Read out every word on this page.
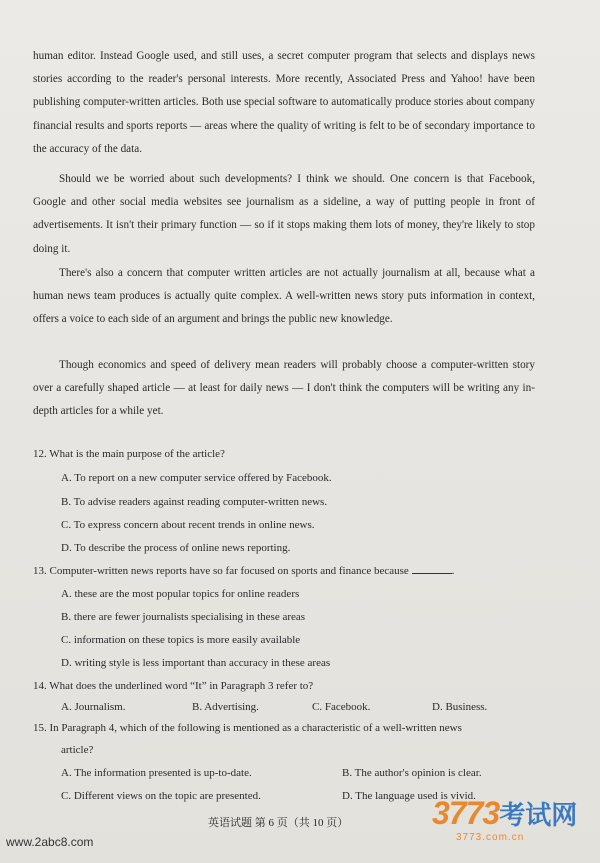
human editor. Instead Google used, and still uses, a secret computer program that selects and displays news stories according to the reader's personal interests. More recently, Associated Press and Yahoo! have been publishing computer-written articles. Both use special software to automatically produce stories about company financial results and sports reports — areas where the quality of writing is felt to be of secondary importance to the accuracy of the data.

Should we be worried about such developments? I think we should. One concern is that Facebook, Google and other social media websites see journalism as a sideline, a way of putting people in front of advertisements. It isn't their primary function — so if it stops making them lots of money, they're likely to stop doing it.

There's also a concern that computer written articles are not actually journalism at all, because what a human news team produces is actually quite complex. A well-written news story puts information in context, offers a voice to each side of an argument and brings the public new knowledge.

Though economics and speed of delivery mean readers will probably choose a computer-written story over a carefully shaped article — at least for daily news — I don't think the computers will be writing any in-depth articles for a while yet.

12. What is the main purpose of the article?
A. To report on a new computer service offered by Facebook.
B. To advise readers against reading computer-written news.
C. To express concern about recent trends in online news.
D. To describe the process of online news reporting.
13. Computer-written news reports have so far focused on sports and finance because	.
A. these are the most popular topics for online readers
B. there are fewer journalists specialising in these areas
C. information on these topics is more easily available
D. writing style is less important than accuracy in these areas
14. What does the underlined word “It” in Paragraph 3 refer to?
A. Journalism.	B. Advertising.	C. Facebook.	D. Business.
15. In Paragraph 4, which of the following is mentioned as a characteristic of a well-written news
article?
A. The information presented is up-to-date.	B. The author's opinion is clear.
C. Different views on the topic are presented.	D. The language used is vivid.
英语试题 第 6 页（共 10 页）
www.2abc8.com
3773考试网
3773.com.cn
